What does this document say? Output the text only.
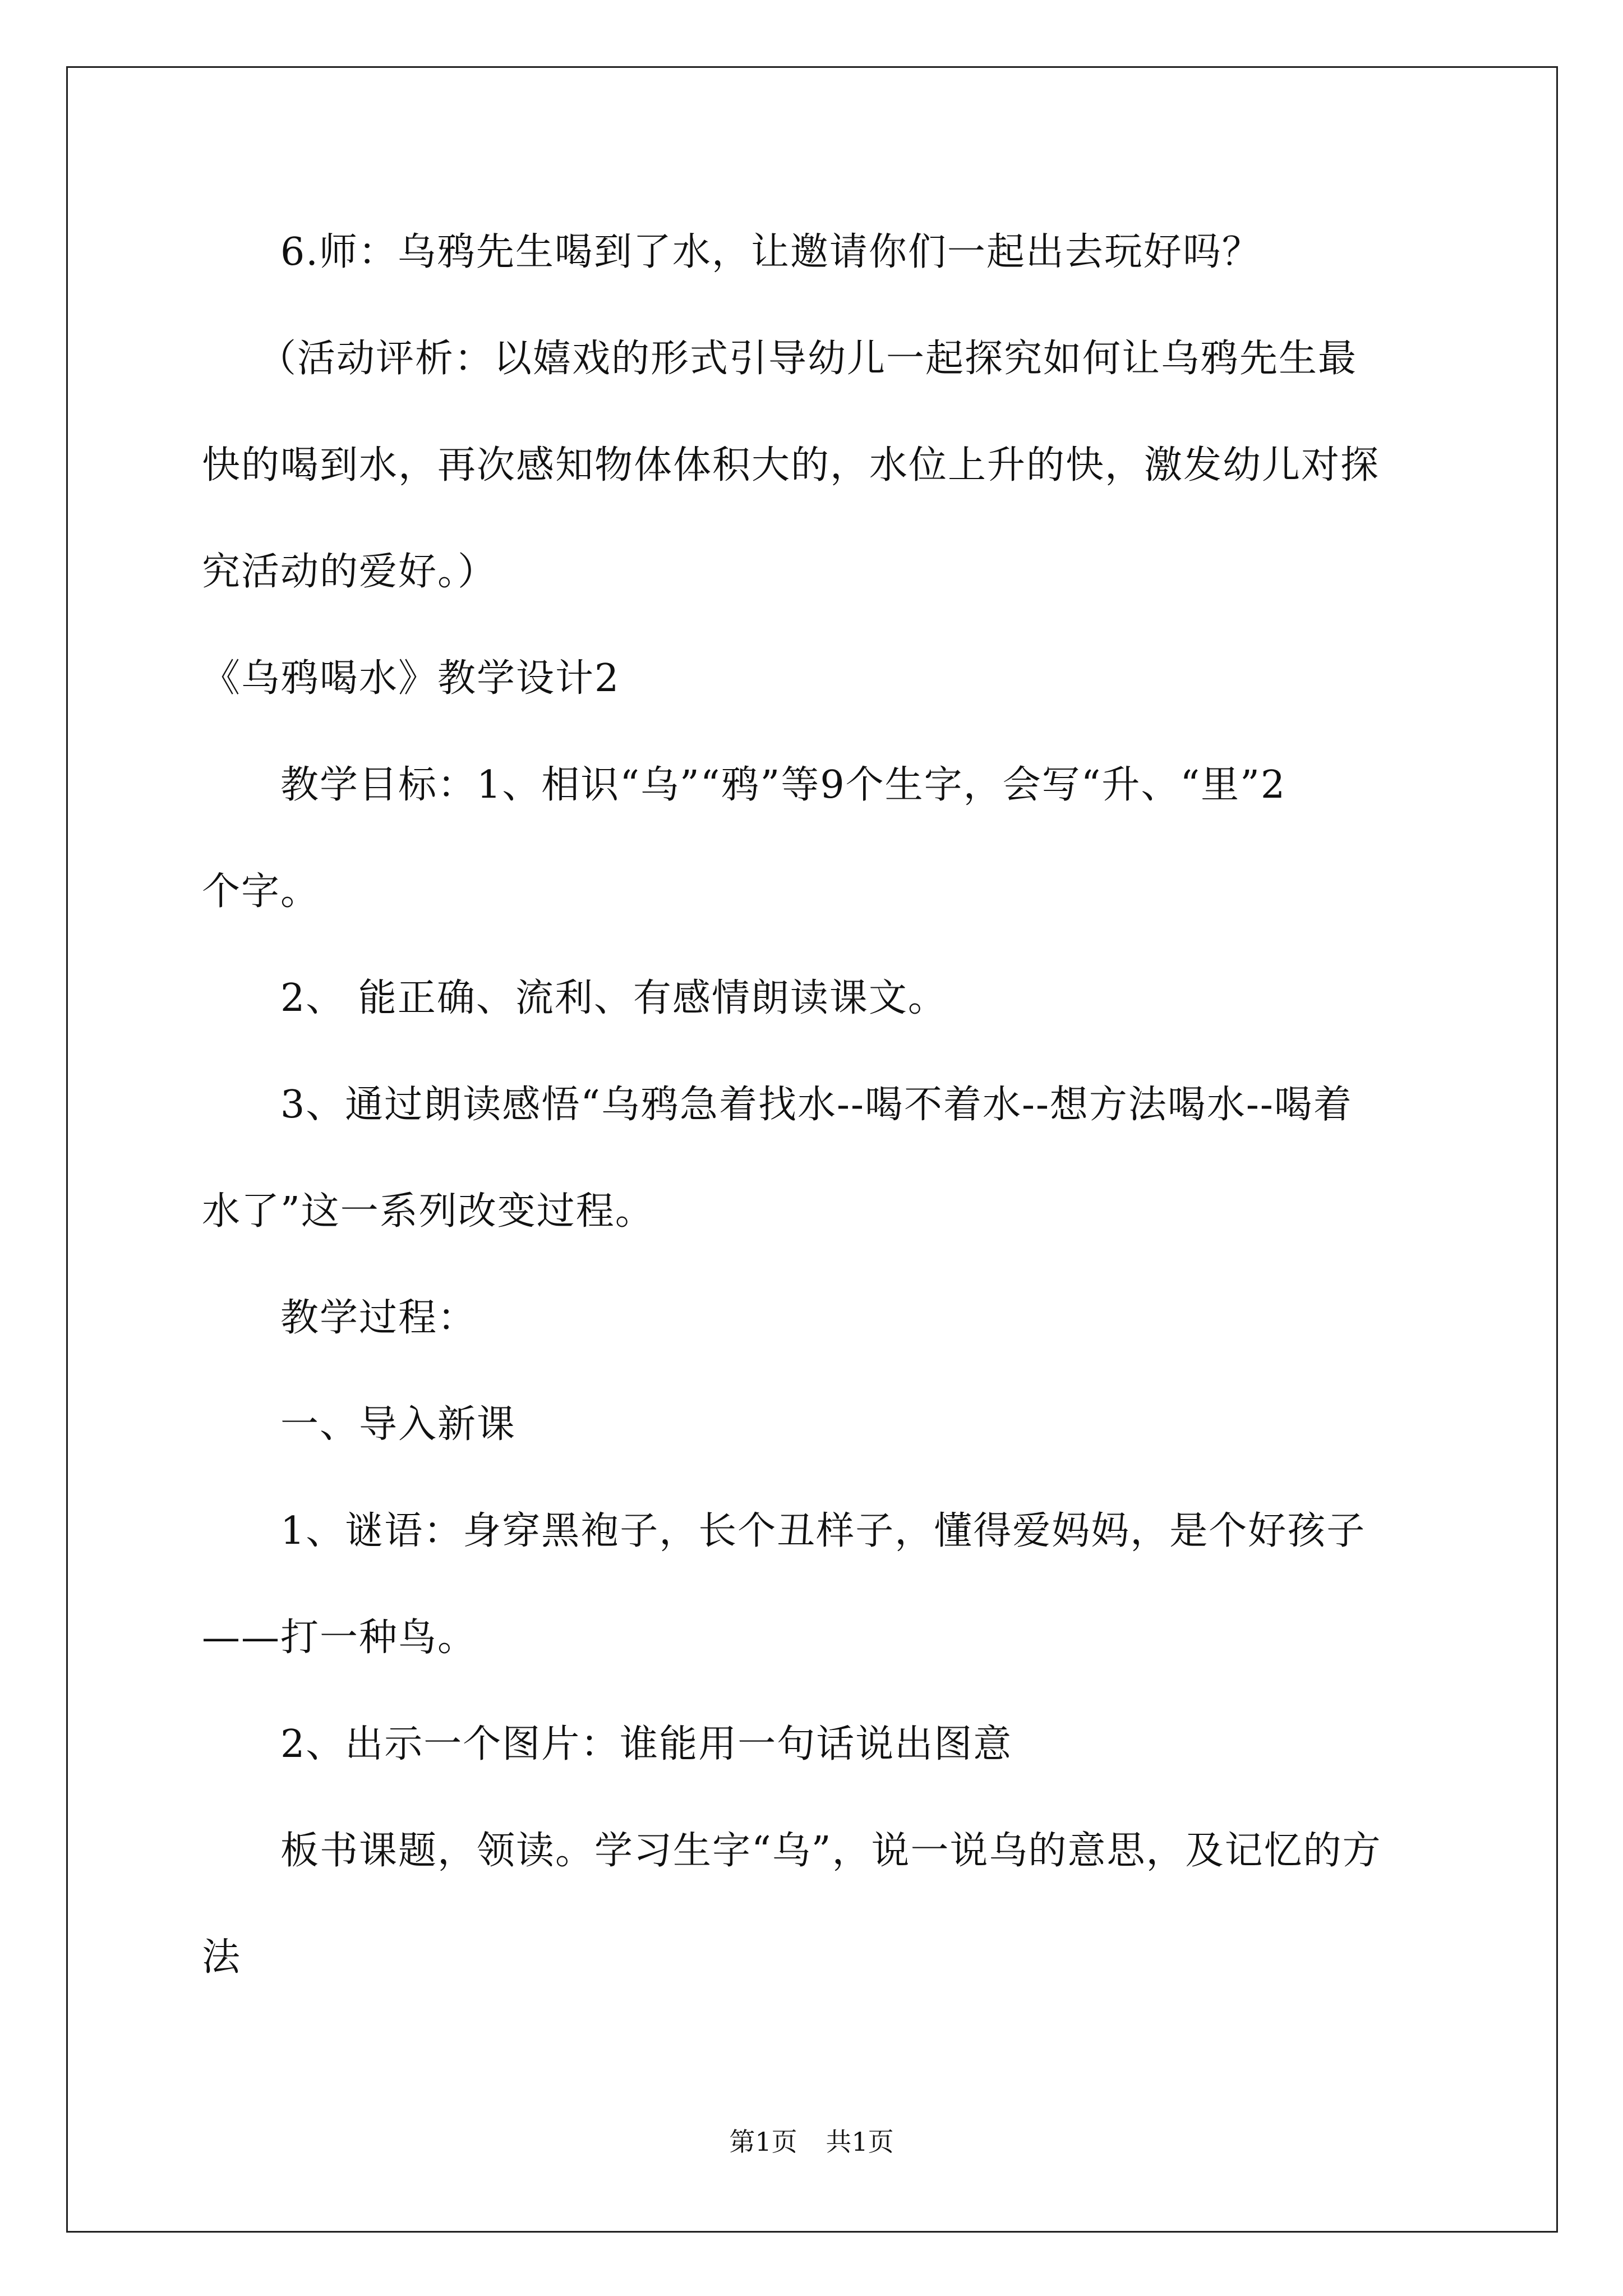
6.师：乌鸦先生喝到了水，让邀请你们一起出去玩好吗？
（活动评析：以嬉戏的形式引导幼儿一起探究如何让乌鸦先生最
快的喝到水，再次感知物体体积大的，水位上升的快，激发幼儿对探
究活动的爱好。）
《乌鸦喝水》教学设计2
教学目标：1、相识“乌”“鸦”等9个生字，会写“升、“里”2
个字。
2、 能正确、流利、有感情朗读课文。
3、通过朗读感悟“乌鸦急着找水--喝不着水--想方法喝水--喝着
水了”这一系列改变过程。
教学过程：
一、导入新课
1、谜语：身穿黑袍子，长个丑样子，懂得爱妈妈，是个好孩子
——打一种鸟。
2、出示一个图片：谁能用一句话说出图意
板书课题，领读。学习生字“乌”，说一说乌的意思，及记忆的方
法
第1页 共1页
